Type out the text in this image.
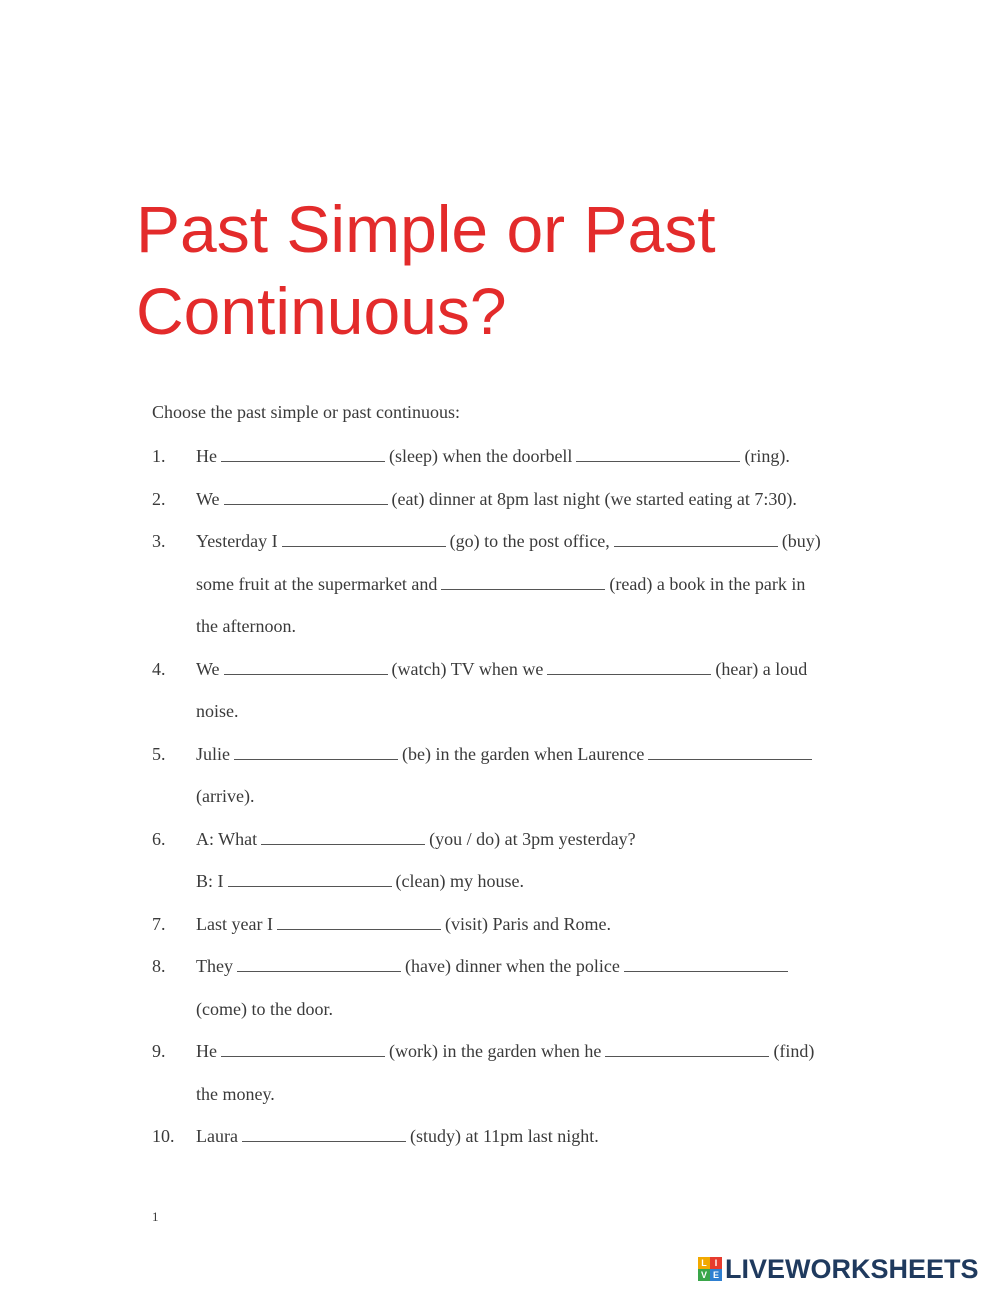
Past Simple or Past Continuous?
Choose the past simple or past continuous:
1. He	(sleep) when the doorbell	(ring).
2. We	(eat) dinner at 8pm last night (we started eating at 7:30).
3. Yesterday I	(go) to the post office,	(buy)
some fruit at the supermarket and	(read) a book in the park in
the afternoon.
4. We	(watch) TV when we	(hear) a loud
noise.
5. Julie	(be) in the garden when Laurence
(arrive).
6. A: What	(you / do) at 3pm yesterday?
B: I	(clean) my house.
7. Last year I	(visit) Paris and Rome.
8. They	(have) dinner when the police
(come) to the door.
9. He	(work) in the garden when he	(find)
the money.
10. Laura	(study) at 11pm last night.
1
L I
V E LIVEWORKSHEETS
